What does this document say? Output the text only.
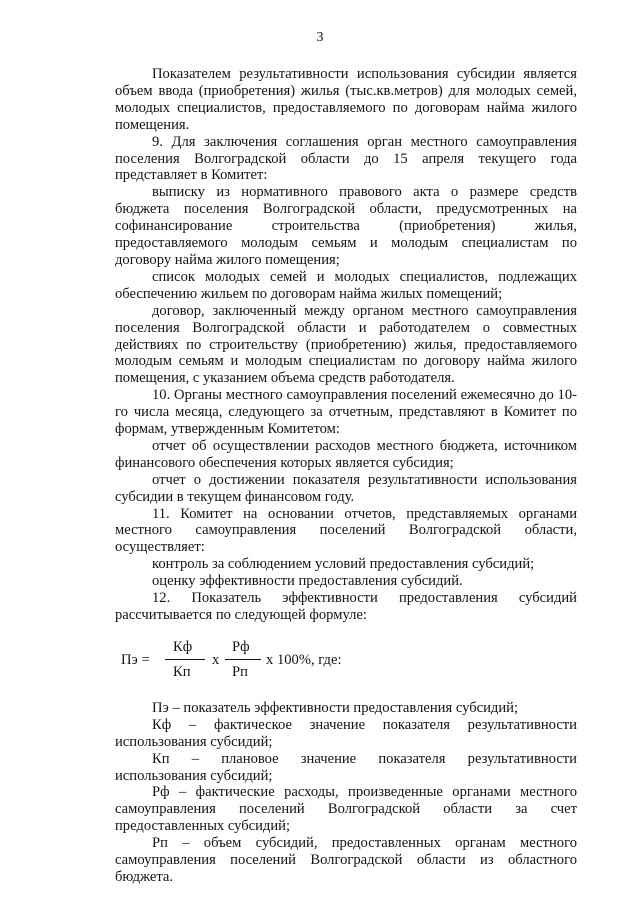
3

Показателем результативности использования субсидии является объем ввода (приобретения) жилья (тыс.кв.метров) для молодых семей, молодых специалистов, предоставляемого по договорам найма жилого помещения.

9. Для заключения соглашения орган местного самоуправления поселения Волгоградской области до 15 апреля текущего года представляет в Комитет:

выписку из нормативного правового акта о размере средств бюджета поселения Волгоградской области, предусмотренных на софинансирование строительства (приобретения) жилья, предоставляемого молодым семьям и молодым специалистам по договору найма жилого помещения;

список молодых семей и молодых специалистов, подлежащих обеспечению жильем по договорам найма жилых помещений;

договор, заключенный между органом местного самоуправления поселения Волгоградской области и работодателем о совместных действиях по строительству (приобретению) жилья, предоставляемого молодым семьям и молодым специалистам по договору найма жилого помещения, с указанием объема средств работодателя.

10. Органы местного самоуправления поселений ежемесячно до 10-го числа месяца, следующего за отчетным, представляют в Комитет по формам, утвержденным Комитетом:

отчет об осуществлении расходов местного бюджета, источником финансового обеспечения которых является субсидия;

отчет о достижении показателя результативности использования субсидии в текущем финансовом году.

11. Комитет на основании отчетов, представляемых органами местного самоуправления поселений Волгоградской области, осуществляет:

контроль за соблюдением условий предоставления субсидий;

оценку эффективности предоставления субсидий.

12. Показатель эффективности предоставления субсидий рассчитывается по следующей формуле:

Пэ =
Кф
Кп
x
Рф
Рп
x 100%, где:

Пэ – показатель эффективности предоставления субсидий;

Кф – фактическое значение показателя результативности использования субсидий;

Кп – плановое значение показателя результативности использования субсидий;

Рф – фактические расходы, произведенные органами местного самоуправления поселений Волгоградской области за счет предоставленных субсидий;

Рп – объем субсидий, предоставленных органам местного самоуправления поселений Волгоградской области из областного бюджета.
